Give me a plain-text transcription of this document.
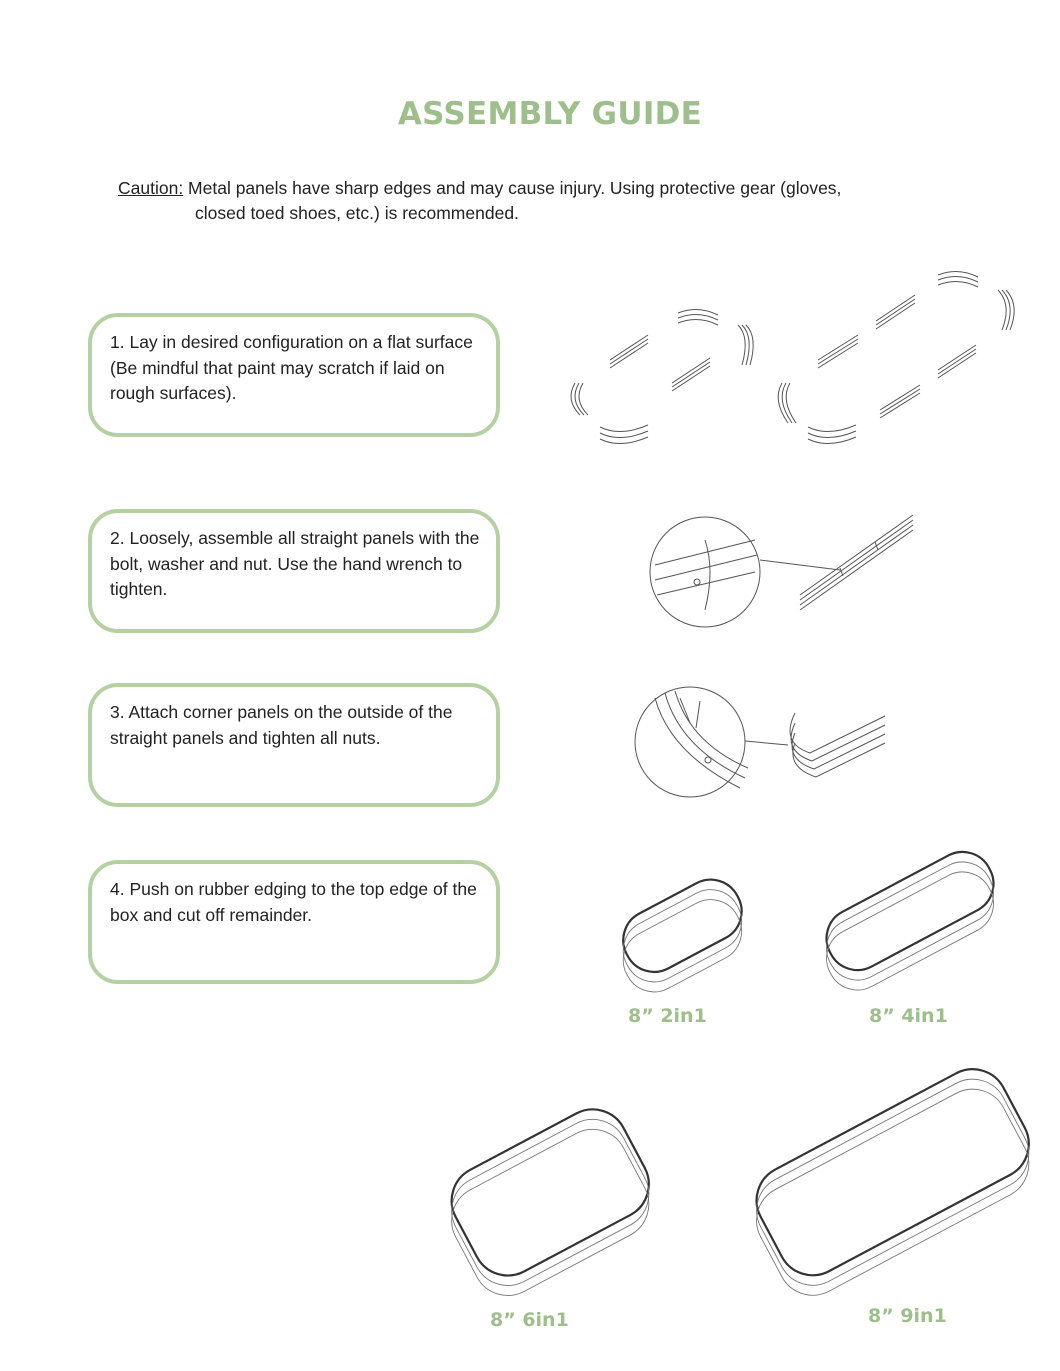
ASSEMBLY GUIDE
Caution: Metal panels have sharp edges and may cause injury. Using protective gear (gloves,
closed toed shoes, etc.) is recommended.
1. Lay in desired configuration on a flat surface (Be mindful that paint may scratch if laid on rough surfaces).
2. Loosely, assemble all straight panels with the bolt, washer and nut. Use the hand wrench to tighten.
3. Attach corner panels on the outside of the straight panels and tighten all nuts.
4. Push on rubber edging to the top edge of the box and cut off remainder.
8” 2in1	8” 4in1
8” 6in1	8” 9in1
